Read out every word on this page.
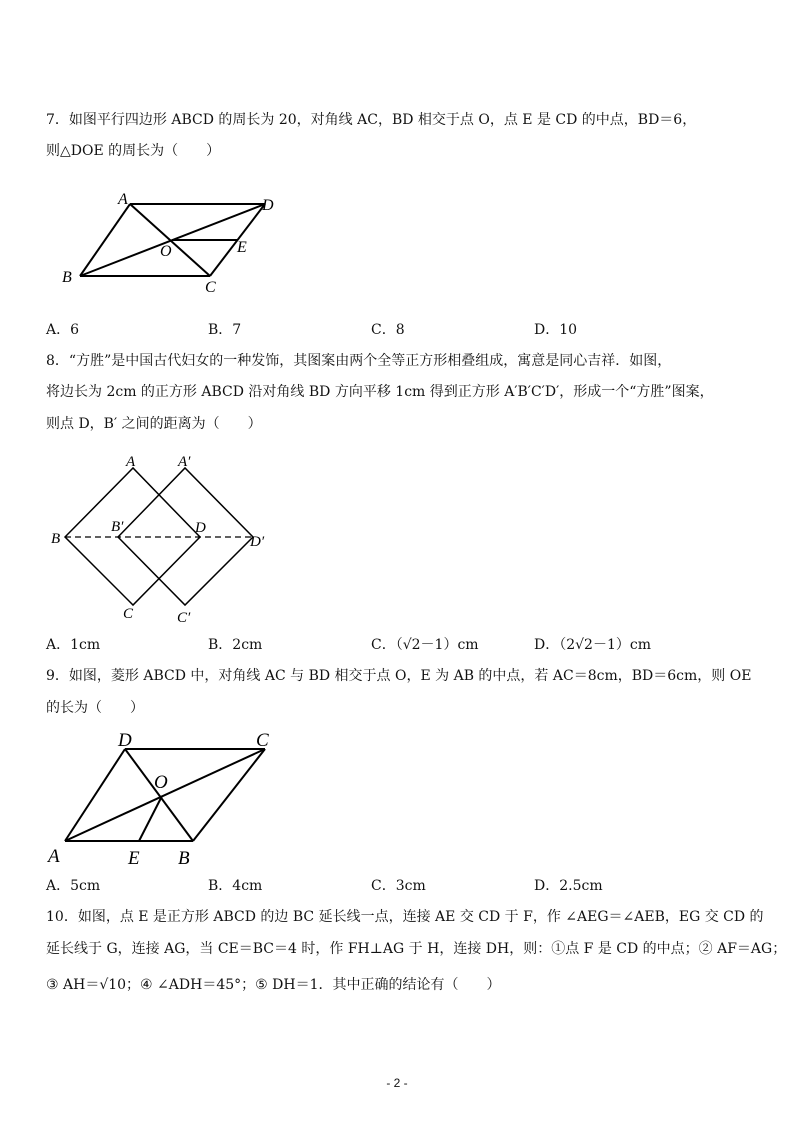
7．如图平行四边形 ABCD 的周长为 20，对角线 AC，BD 相交于点 O，点 E 是 CD 的中点，BD＝6，
则△DOE 的周长为（　　）
A	D
O	E
B
C
A．6	B．7	C．8	D．10
8．“方胜”是中国古代妇女的一种发饰，其图案由两个全等正方形相叠组成，寓意是同心吉祥．如图，
将边长为 2cm 的正方形 ABCD 沿对角线 BD 方向平移 1cm 得到正方形 A′B′C′D′，形成一个“方胜”图案，
则点 D，B′ 之间的距离为（　　）
A	A′
B
B′	D
D′
C	C′
A．1cm	B．2cm	C．（√2－1）cm	D．（2√2－1）cm
9．如图，菱形 ABCD 中，对角线 AC 与 BD 相交于点 O，E 为 AB 的中点，若 AC＝8cm，BD＝6cm，则 OE
的长为（　　）
D	C
O
A	E B
A．5cm	B．4cm	C．3cm	D．2.5cm
10．如图，点 E 是正方形 ABCD 的边 BC 延长线一点，连接 AE 交 CD 于 F，作 ∠AEG＝∠AEB，EG 交 CD 的
延长线于 G，连接 AG，当 CE＝BC＝4 时，作 FH⊥AG 于 H，连接 DH，则：①点 F 是 CD 的中点；② AF＝AG；
③ AH＝√10；④ ∠ADH＝45°；⑤ DH＝1．其中正确的结论有（　　）
- 2 -
